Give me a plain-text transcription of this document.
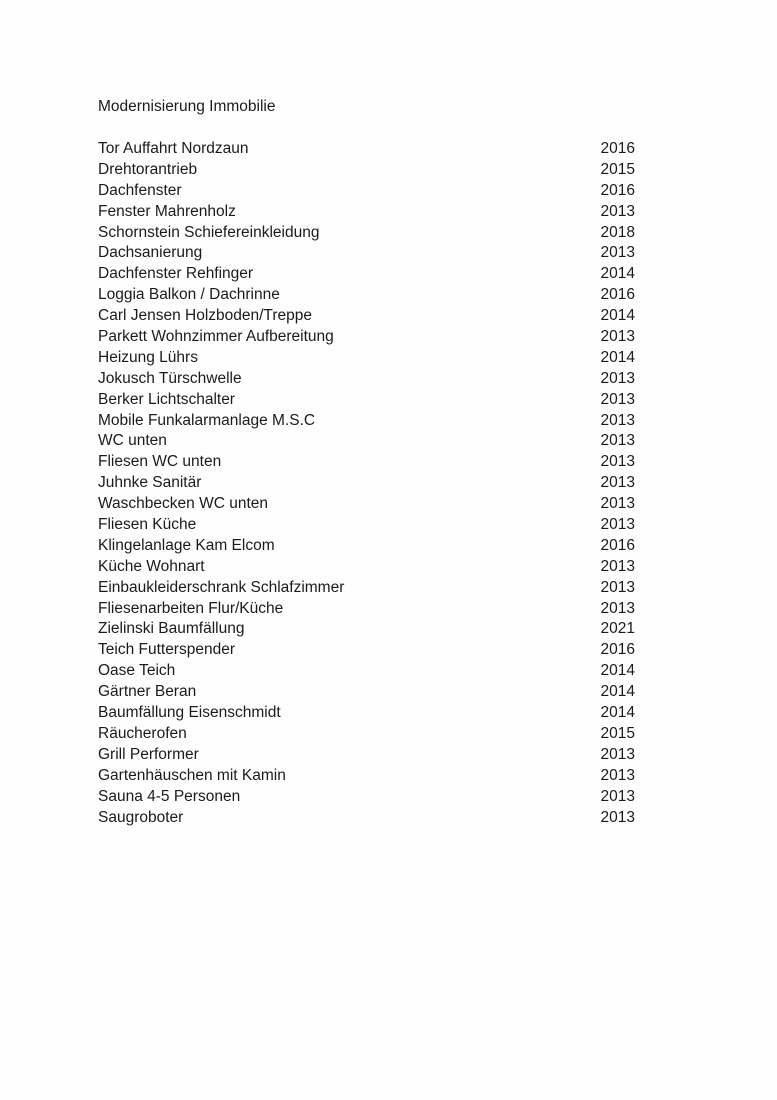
Modernisierung Immobilie

Tor Auffahrt Nordzaun	2016
Drehtorantrieb	2015
Dachfenster	2016
Fenster Mahrenholz	2013
Schornstein Schiefereinkleidung	2018
Dachsanierung	2013
Dachfenster Rehfinger	2014
Loggia Balkon / Dachrinne	2016
Carl Jensen Holzboden/Treppe	2014
Parkett Wohnzimmer Aufbereitung	2013
Heizung Lührs	2014
Jokusch Türschwelle	2013
Berker Lichtschalter	2013
Mobile Funkalarmanlage M.S.C	2013
WC unten	2013
Fliesen WC unten	2013
Juhnke Sanitär	2013
Waschbecken WC unten	2013
Fliesen Küche	2013
Klingelanlage Kam Elcom	2016
Küche Wohnart	2013
Einbaukleiderschrank Schlafzimmer	2013
Fliesenarbeiten Flur/Küche	2013
Zielinski Baumfällung	2021
Teich Futterspender	2016
Oase Teich	2014
Gärtner Beran	2014
Baumfällung Eisenschmidt	2014
Räucherofen	2015
Grill Performer	2013
Gartenhäuschen mit Kamin	2013
Sauna 4-5 Personen	2013
Saugroboter	2013
